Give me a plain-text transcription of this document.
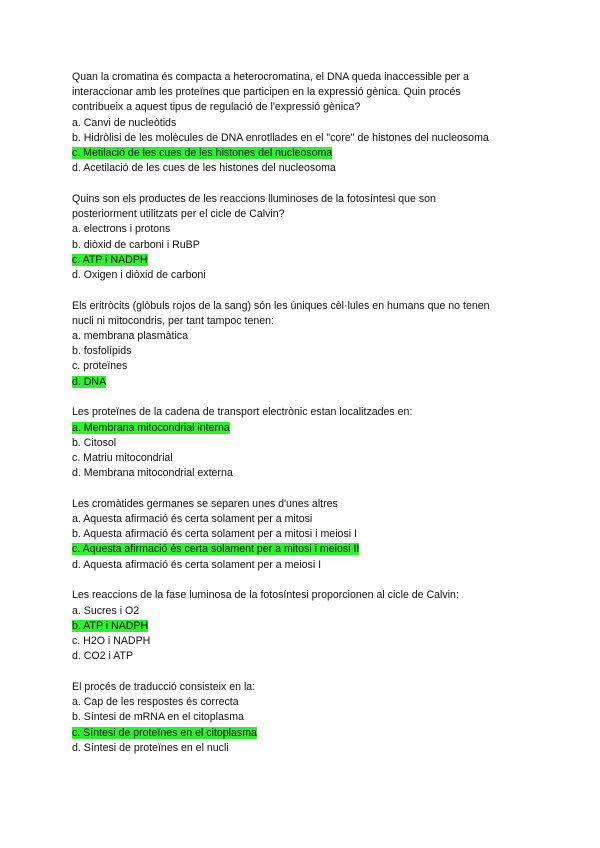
Quan la cromatina és compacta a heterocromatina, el DNA queda inaccessible per a
interaccionar amb les proteïnes que participen en la expressió gènica. Quin procés
contribueix a aquest tipus de regulació de l'expressió gènica?
a. Canvi de nucleòtids
b. Hidròlisi de les molècules de DNA enrotllades en el "core" de histones del nucleosoma
c. Metilació de les cues de les histones del nucleosoma
d. Acetilació de les cues de les histones del nucleosoma
Quins son els productes de les reaccions lluminoses de la fotosíntesi que son
posteriorment utilitzats per el cicle de Calvin?
a. electrons i protons
b. diòxid de carboni i RuBP
c. ATP i NADPH
d. Oxigen i diòxid de carboni
Els eritròcits (glòbuls rojos de la sang) són les úniques cèl·lules en humans que no tenen
nucli ni mitocondris, per tant tampoc tenen:
a. membrana plasmàtica
b. fosfolípids
c. proteïnes
d. DNA
Les proteïnes de la cadena de transport electrònic estan localitzades en:
a. Membrana mitocondrial interna
b. Citosol
c. Matriu mitocondrial
d. Membrana mitocondrial externa
Les cromàtides germanes se separen unes d'unes altres
a. Aquesta afirmació és certa solament per a mitosi
b. Aquesta afirmació és certa solament per a mitosi i meiosi I
c. Aquesta afirmació és certa solament per a mitosi i meiosi II
d. Aquesta afirmació és certa solament per a meiosi I
Les reaccions de la fase luminosa de la fotosíntesi proporcionen al cicle de Calvin:
a. Sucres i O2
b. ATP i NADPH
c. H2O i NADPH
d. CO2 i ATP
El procés de traducció consisteix en la:
a. Cap de les respostes és correcta
b. Síntesi de mRNA en el citoplasma
c. Síntesi de proteïnes en el citoplasma
d. Síntesi de proteïnes en el nucli
